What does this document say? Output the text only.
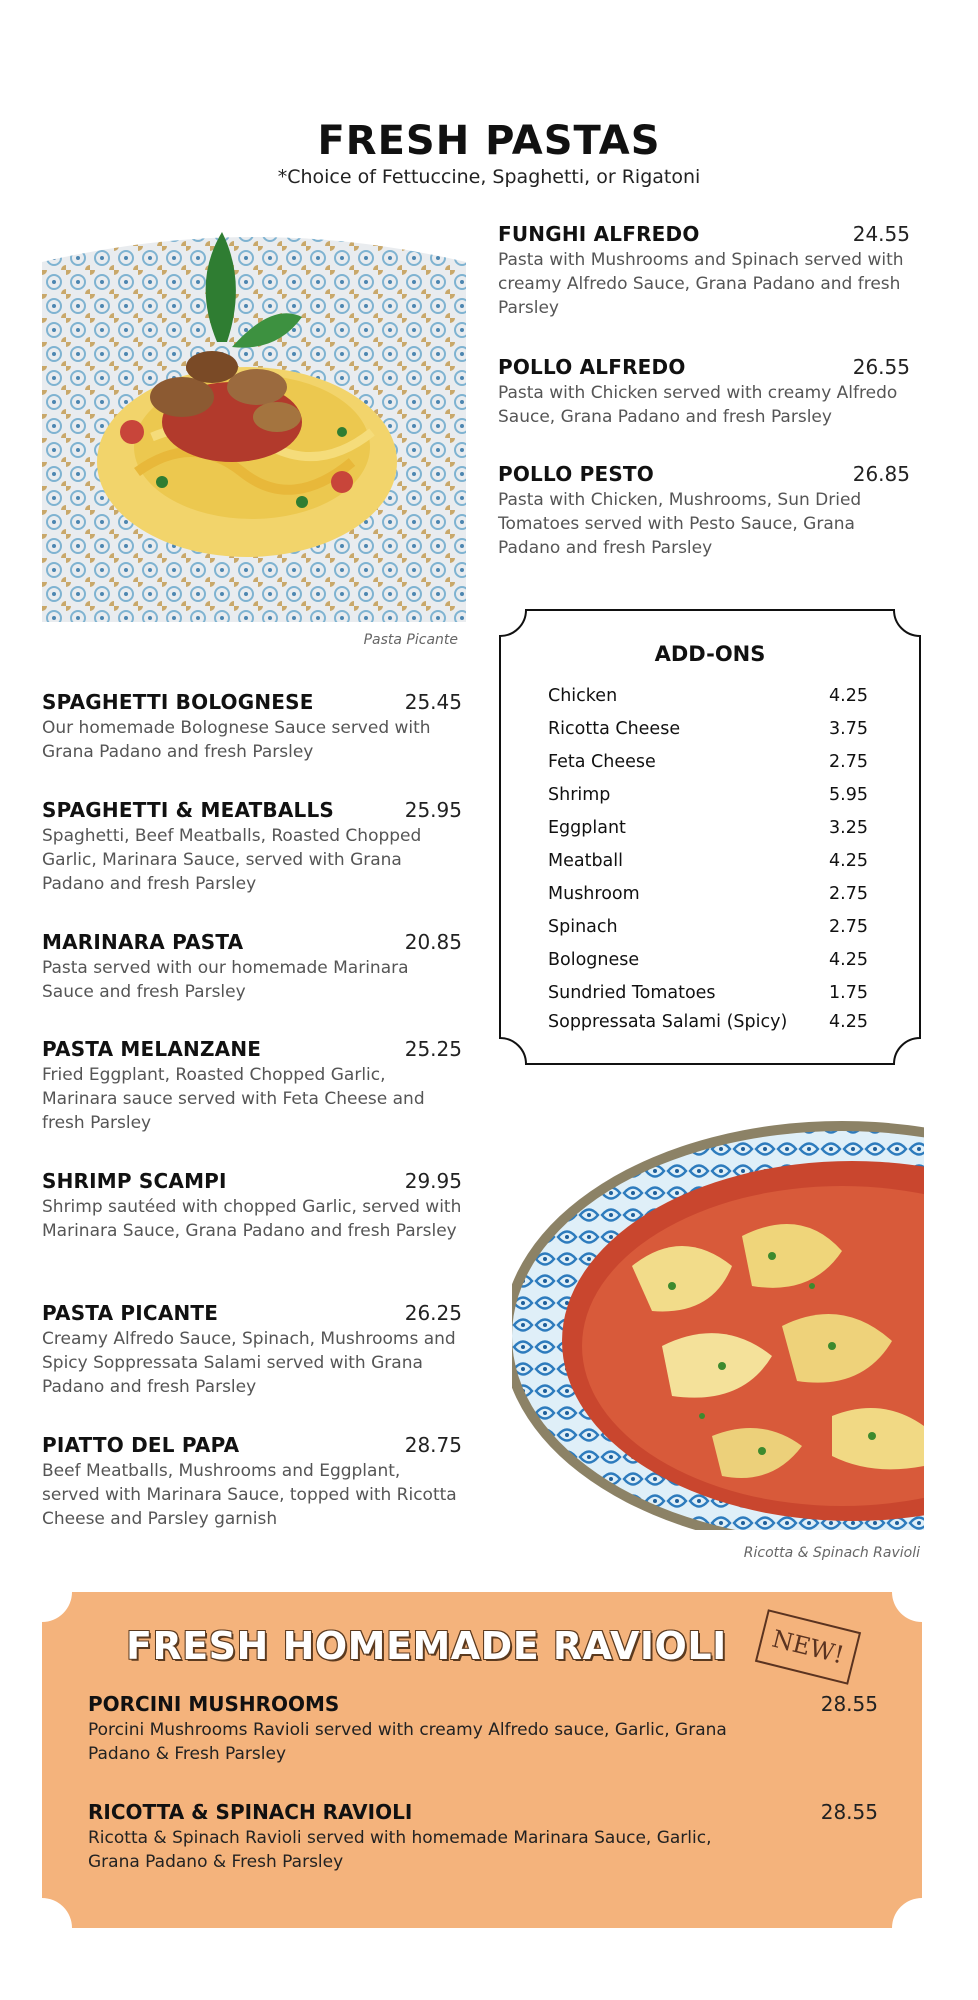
FRESH PASTAS
*Choice of Fettuccine, Spaghetti, or Rigatoni
Pasta Picante
FUNGHI ALFREDO	24.55
Pasta with Mushrooms and Spinach served with creamy Alfredo Sauce, Grana Padano and fresh Parsley
POLLO ALFREDO	26.55
Pasta with Chicken served with creamy Alfredo Sauce, Grana Padano and fresh Parsley
POLLO PESTO	26.85
Pasta with Chicken, Mushrooms, Sun Dried Tomatoes served with Pesto Sauce, Grana Padano and fresh Parsley
ADD-ONS
Chicken	4.25
Ricotta Cheese	3.75
Feta Cheese	2.75
Shrimp	5.95
Eggplant	3.25
Meatball	4.25
Mushroom	2.75
Spinach	2.75
Bolognese	4.25
Sundried Tomatoes	1.75
Soppressata Salami (Spicy) 4.25
SPAGHETTI BOLOGNESE	25.45
Our homemade Bolognese Sauce served with Grana Padano and fresh Parsley
SPAGHETTI & MEATBALLS	25.95
Spaghetti, Beef Meatballs, Roasted Chopped Garlic, Marinara Sauce, served with Grana Padano and fresh Parsley
MARINARA PASTA	20.85
Pasta served with our homemade Marinara Sauce and fresh Parsley
PASTA MELANZANE	25.25
Fried Eggplant, Roasted Chopped Garlic, Marinara sauce served with Feta Cheese and fresh Parsley
SHRIMP SCAMPI	29.95
Shrimp sautéed with chopped Garlic, served with Marinara Sauce, Grana Padano and fresh Parsley
PASTA PICANTE	26.25
Creamy Alfredo Sauce, Spinach, Mushrooms and Spicy Soppressata Salami served with Grana Padano and fresh Parsley
PIATTO DEL PAPA	28.75
Beef Meatballs, Mushrooms and Eggplant, served with Marinara Sauce, topped with Ricotta Cheese and Parsley garnish
Ricotta & Spinach Ravioli
FRESH HOMEMADE RAVIOLI	NEW!
PORCINI MUSHROOMS	28.55
Porcini Mushrooms Ravioli served with creamy Alfredo sauce, Garlic, Grana Padano & Fresh Parsley
RICOTTA & SPINACH RAVIOLI	28.55
Ricotta & Spinach Ravioli served with homemade Marinara Sauce, Garlic, Grana Padano & Fresh Parsley
